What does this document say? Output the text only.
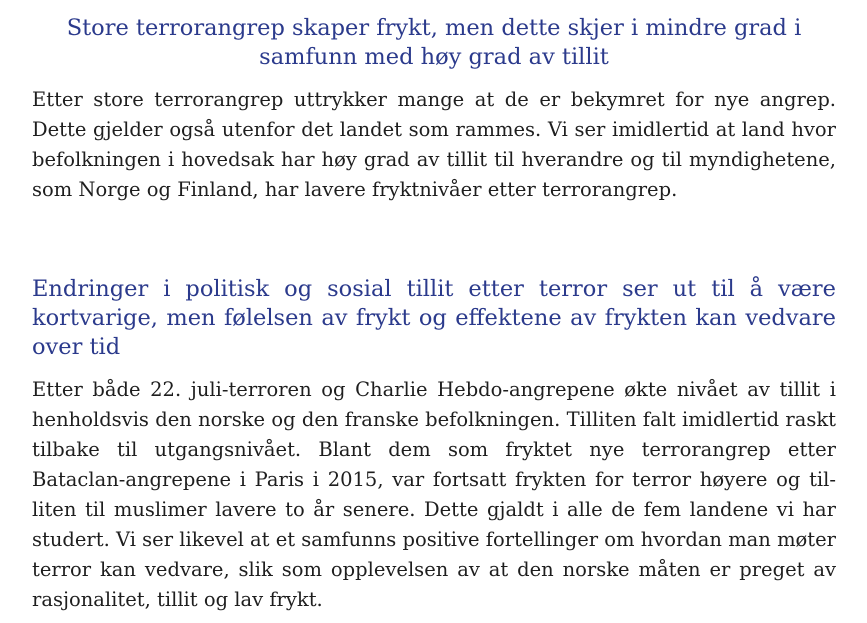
Store terrorangrep skaper frykt, men dette skjer i mindre grad i samfunn med høy grad av tillit

Etter store terrorangrep uttrykker mange at de er bekymret for nye angrep. Dette gjelder også utenfor det landet som rammes. Vi ser imidlertid at land hvor befolkningen i hovedsak har høy grad av tillit til hverandre og til myndighetene, som Norge og Finland, har lavere fryktnivåer etter terrorangrep.

Endringer i politisk og sosial tillit etter terror ser ut til å være kortvarige, men følelsen av frykt og effektene av frykten kan vedvare over tid

Etter både 22. juli-terroren og Charlie Hebdo-angrepene økte nivået av tillit i henholdsvis den norske og den franske befolkningen. Tilliten falt imidlertid raskt tilbake til utgangsnivået. Blant dem som fryktet nye terrorangrep etter Bataclan-angrepene i Paris i 2015, var fortsatt frykten for terror høyere og tilliten til muslimer lavere to år senere. Dette gjaldt i alle de fem landene vi har studert. Vi ser likevel at et samfunns positive fortellinger om hvordan man møter terror kan vedvare, slik som opplevelsen av at den norske måten er preget av rasjonalitet, tillit og lav frykt.
